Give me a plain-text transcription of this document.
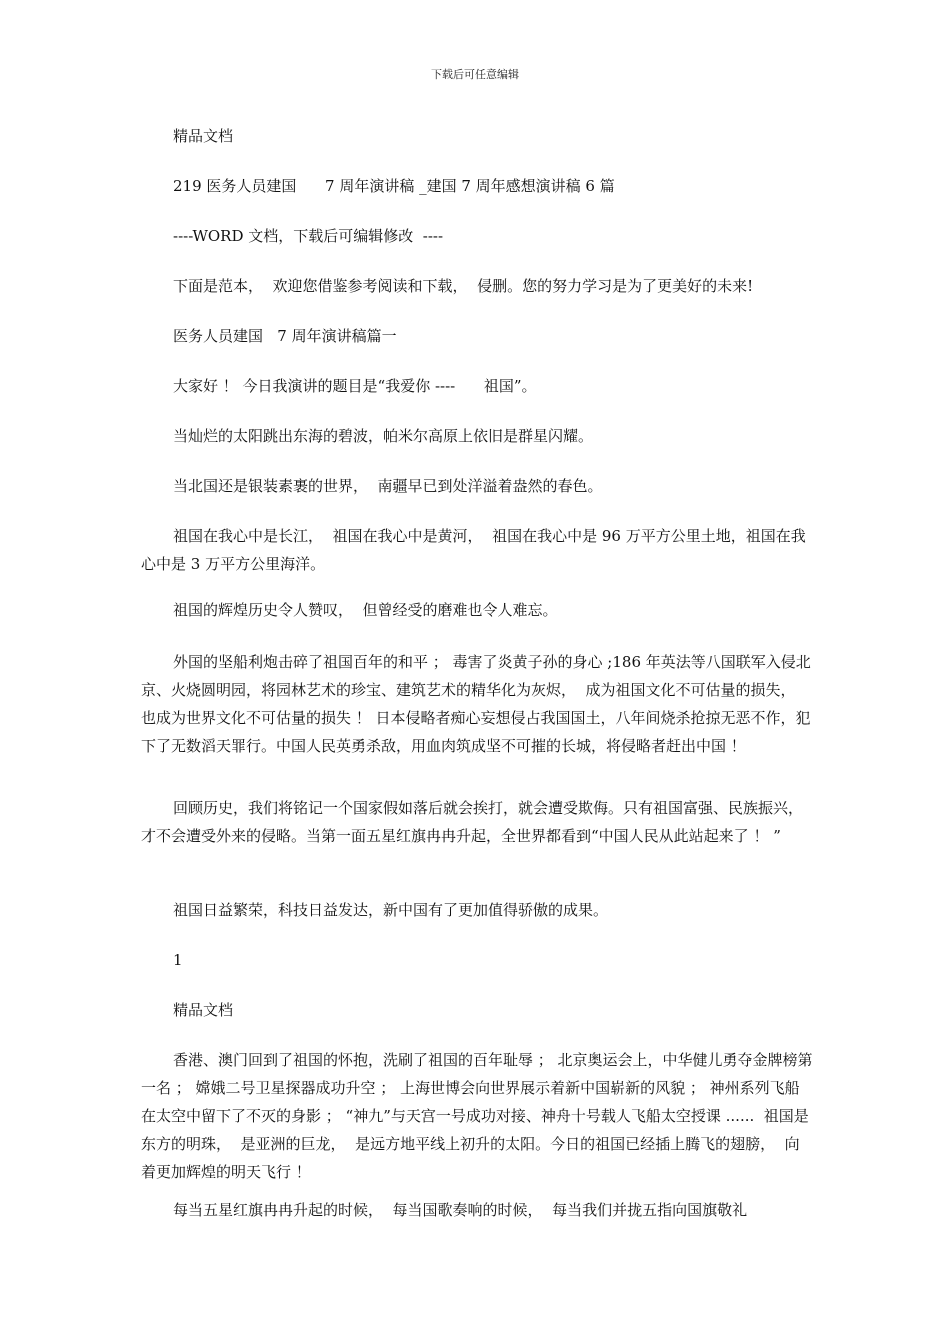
下载后可任意编辑

精品文档

219 医务人员建国      7 周年演讲稿 _建国 7 周年感想演讲稿 6 篇

----WORD 文档，下载后可编辑修改  ----

下面是范本，  欢迎您借鉴参考阅读和下载，  侵删。您的努力学习是为了更美好的未来!

医务人员建国   7 周年演讲稿篇一

大家好 ！ 今日我演讲的题目是“我爱你 ----      祖国”。

当灿烂的太阳跳出东海的碧波，帕米尔高原上依旧是群星闪耀。

当北国还是银装素裹的世界，  南疆早已到处洋溢着盎然的春色。

祖国在我心中是长江，  祖国在我心中是黄河，  祖国在我心中是 96 万平方公里土地，祖国在我心中是 3 万平方公里海洋。

祖国的辉煌历史令人赞叹，  但曾经受的磨难也令人难忘。

外国的坚船利炮击碎了祖国百年的和平 ； 毒害了炎黄子孙的身心 ;186 年英法等八国联军入侵北京、火烧圆明园，将园林艺术的珍宝、建筑艺术的精华化为灰烬，  成为祖国文化不可估量的损失，  也成为世界文化不可估量的损失 ！ 日本侵略者痴心妄想侵占我国国土，八年间烧杀抢掠无恶不作，犯下了无数滔天罪行。中国人民英勇杀敌，用血肉筑成坚不可摧的长城，将侵略者赶出中国 ！

回顾历史，我们将铭记一个国家假如落后就会挨打，就会遭受欺侮。只有祖国富强、民族振兴，才不会遭受外来的侵略。当第一面五星红旗冉冉升起，全世界都看到“中国人民从此站起来了 ！ ”

祖国日益繁荣，科技日益发达，新中国有了更加值得骄傲的成果。

1

精品文档

香港、澳门回到了祖国的怀抱，洗刷了祖国的百年耻辱 ； 北京奥运会上，中华健儿勇夺金牌榜第一名 ； 嫦娥二号卫星探器成功升空 ； 上海世博会向世界展示着新中国崭新的风貌 ； 神州系列飞船在太空中留下了不灭的身影 ； “神九”与天宫一号成功对接、神舟十号载人飞船太空授课 ......  祖国是东方的明珠，  是亚洲的巨龙，  是远方地平线上初升的太阳。今日的祖国已经插上腾飞的翅膀，  向着更加辉煌的明天飞行 ！

每当五星红旗冉冉升起的时候，  每当国歌奏响的时候，  每当我们并拢五指向国旗敬礼
